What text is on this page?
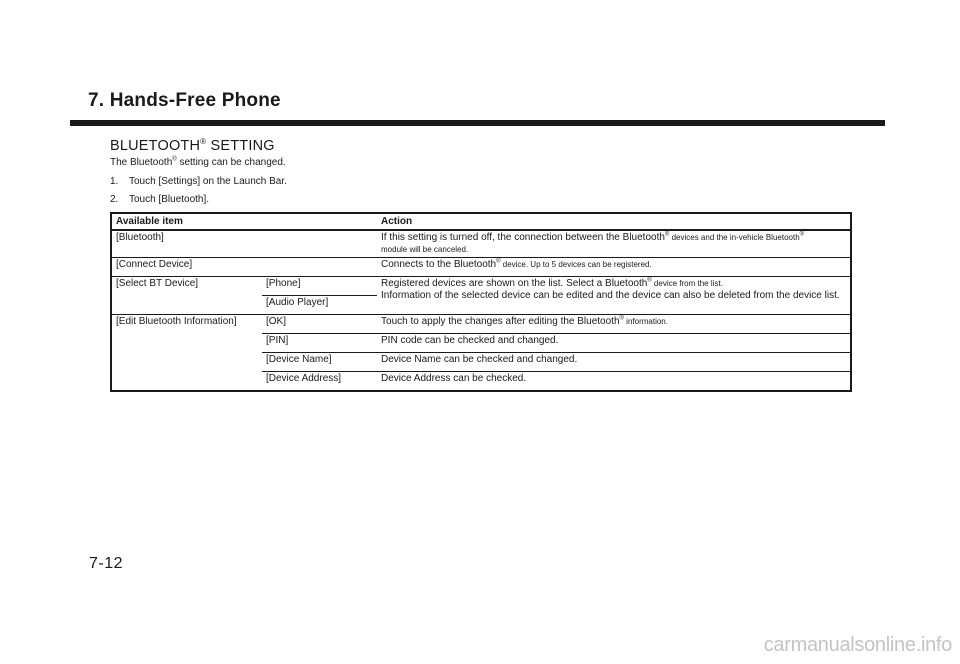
7. Hands-Free Phone
BLUETOOTH® SETTING

The Bluetooth® setting can be changed.

1. Touch [Settings] on the Launch Bar.

2. Touch [Bluetooth].

Available item		Action
[Bluetooth]		If this setting is turned off, the connection between the Bluetooth® devices and the in-vehicle Bluetooth®
module will be canceled.
[Connect Device]		Connects to the Bluetooth® device. Up to 5 devices can be registered.
[Select BT Device]	[Phone]	Registered devices are shown on the list. Select a Bluetooth® device from the list.
Information of the selected device can be edited and the device can also be deleted from the device list.
	[Audio Player]	
[Edit Bluetooth Information]	[OK]	Touch to apply the changes after editing the Bluetooth® information.
	[PIN]	PIN code can be checked and changed.
	[Device Name]	Device Name can be checked and changed.
	[Device Address]	Device Address can be checked.

7-12

carmanualsonline.info
